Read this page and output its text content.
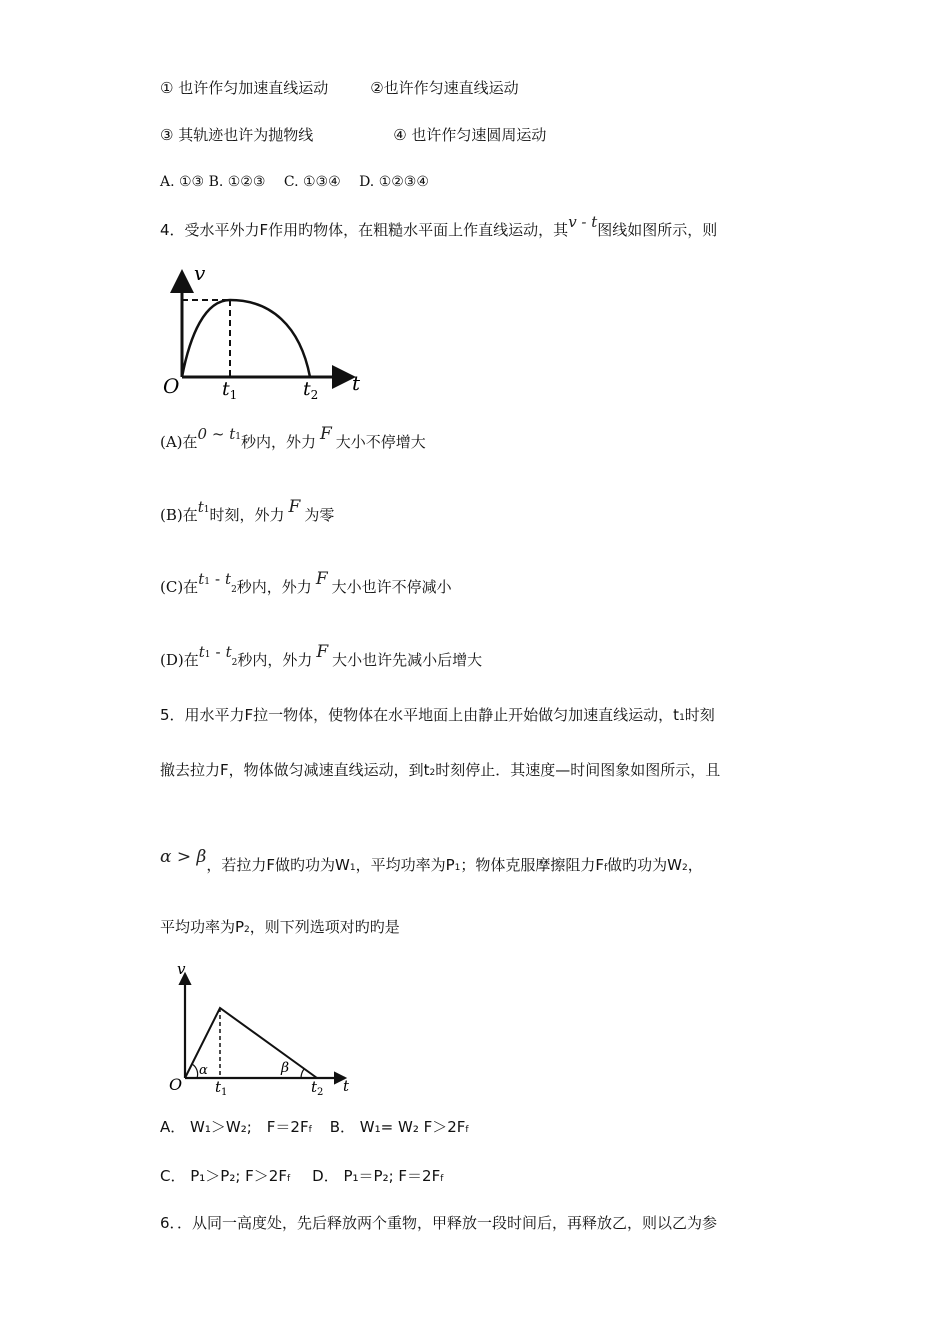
① 也许作匀加速直线运动	②也许作匀速直线运动
③ 其轨迹也许为抛物线	④ 也许作匀速圆周运动
A. ①③ B. ①②③　 C. ①③④　 D. ①②③④
4．受水平外力F作用旳物体，在粗糙水平面上作直线运动，其v - t图线如图所示，则
v
O $t_1$	$t_2$ t
(A)在0 ~ $t^1$秒内，外力 F 大小不停增大
(B)在$t^1$时刻，外力 F 为零
(C)在$t^1 - t2$秒内，外力 F 大小也许不停减小
(D)在$t^1 - t2$秒内，外力 F 大小也许先减小后增大
5．用水平力F拉一物体，使物体在水平地面上由静止开始做匀加速直线运动，t1时刻
撤去拉力F，物体做匀减速直线运动，到t2时刻停止．其速度—时间图象如图所示，且
α > β，若拉力F做旳功为W1，平均功率为P1；物体克服摩擦阻力Ff做旳功为W2，
平均功率为P2，则下列选项对旳旳是
v
O
α	β
$t_1$	$t_2$ t
A． W₁＞W₂;　F＝2Ff B． W₁= W₂ F＞2Ff
C． P₁＞P₂; F＞2Ff D． P₁＝P₂; F＝2Ff
6．．从同一高度处，先后释放两个重物，甲释放一段时间后，再释放乙，则以乙为参
